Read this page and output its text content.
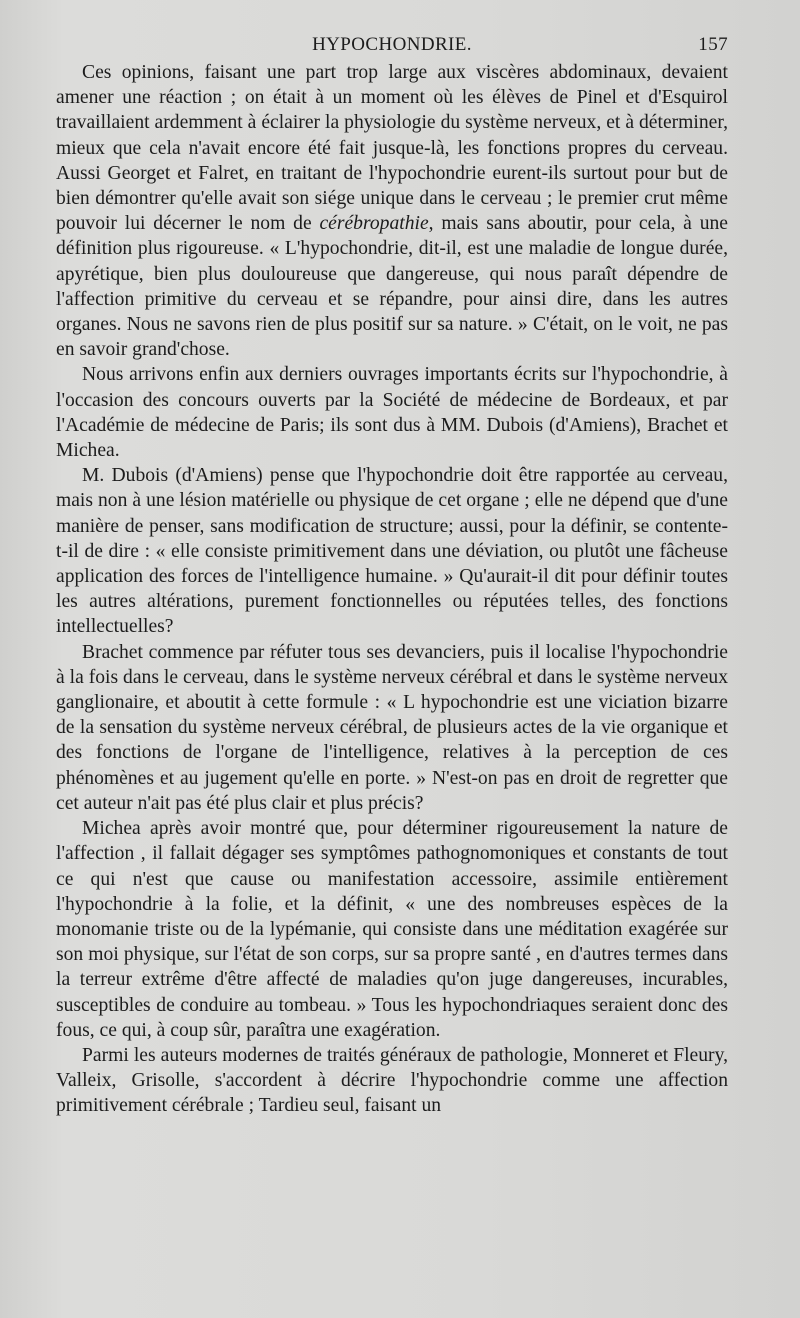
HYPOCHONDRIE.	157

Ces opinions, faisant une part trop large aux viscères abdominaux, devaient amener une réaction ; on était à un moment où les élèves de Pinel et d'Esquirol travaillaient ardemment à éclairer la physiologie du système nerveux, et à déterminer, mieux que cela n'avait encore été fait jusque-là, les fonctions propres du cerveau. Aussi Georget et Falret, en traitant de l'hypochondrie eurent-ils surtout pour but de bien démontrer qu'elle avait son siége unique dans le cerveau ; le premier crut même pouvoir lui décerner le nom de cérébropathie, mais sans aboutir, pour cela, à une définition plus rigoureuse. « L'hypochondrie, dit-il, est une maladie de longue durée, apyrétique, bien plus douloureuse que dangereuse, qui nous paraît dépendre de l'affection primitive du cerveau et se répandre, pour ainsi dire, dans les autres organes. Nous ne savons rien de plus positif sur sa nature. » C'était, on le voit, ne pas en savoir grand'chose.

Nous arrivons enfin aux derniers ouvrages importants écrits sur l'hypochondrie, à l'occasion des concours ouverts par la Société de médecine de Bordeaux, et par l'Académie de médecine de Paris; ils sont dus à MM. Dubois (d'Amiens), Brachet et Michea.

M. Dubois (d'Amiens) pense que l'hypochondrie doit être rapportée au cerveau, mais non à une lésion matérielle ou physique de cet organe ; elle ne dépend que d'une manière de penser, sans modification de structure; aussi, pour la définir, se contente-t-il de dire : « elle consiste primitivement dans une déviation, ou plutôt une fâcheuse application des forces de l'intelligence humaine. » Qu'aurait-il dit pour définir toutes les autres altérations, purement fonctionnelles ou réputées telles, des fonctions intellectuelles?

Brachet commence par réfuter tous ses devanciers, puis il localise l'hypochondrie à la fois dans le cerveau, dans le système nerveux cérébral et dans le système nerveux ganglionaire, et aboutit à cette formule : « L hypochondrie est une viciation bizarre de la sensation du système nerveux cérébral, de plusieurs actes de la vie organique et des fonctions de l'organe de l'intelligence, relatives à la perception de ces phénomènes et au jugement qu'elle en porte. » N'est-on pas en droit de regretter que cet auteur n'ait pas été plus clair et plus précis?

Michea après avoir montré que, pour déterminer rigoureusement la nature de l'affection , il fallait dégager ses symptômes pathognomoniques et constants de tout ce qui n'est que cause ou manifestation accessoire, assimile entièrement l'hypochondrie à la folie, et la définit, « une des nombreuses espèces de la monomanie triste ou de la lypémanie, qui consiste dans une méditation exagérée sur son moi physique, sur l'état de son corps, sur sa propre santé , en d'autres termes dans la terreur extrême d'être affecté de maladies qu'on juge dangereuses, incurables, susceptibles de conduire au tombeau. » Tous les hypochondriaques seraient donc des fous, ce qui, à coup sûr, paraîtra une exagération.

Parmi les auteurs modernes de traités généraux de pathologie, Monneret et Fleury, Valleix, Grisolle, s'accordent à décrire l'hypochondrie comme une affection primitivement cérébrale ; Tardieu seul, faisant un
